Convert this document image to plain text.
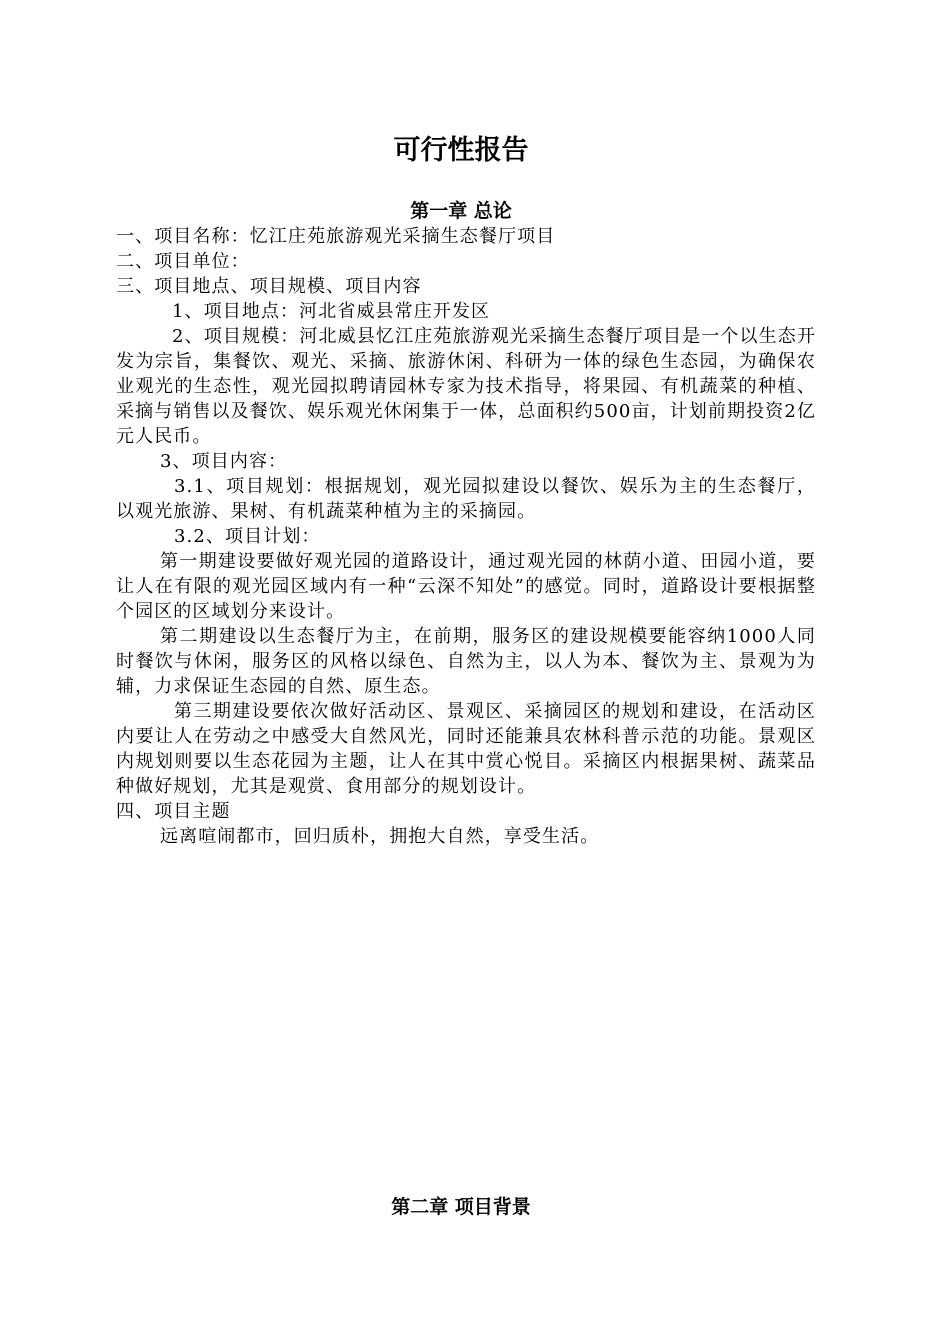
可行性报告
第一章 总论

一、项目名称：忆江庄苑旅游观光采摘生态餐厅项目

二、项目单位：

三、项目地点、项目规模、项目内容

1、项目地点：河北省威县常庄开发区

2、项目规模：河北威县忆江庄苑旅游观光采摘生态餐厅项目是一个以生态开发为宗旨，集餐饮、观光、采摘、旅游休闲、科研为一体的绿色生态园，为确保农业观光的生态性，观光园拟聘请园林专家为技术指导，将果园、有机蔬菜的种植、采摘与销售以及餐饮、娱乐观光休闲集于一体，总面积约500亩，计划前期投资2亿元人民币。

3、项目内容：

3.1、项目规划：根据规划，观光园拟建设以餐饮、娱乐为主的生态餐厅，以观光旅游、果树、有机蔬菜种植为主的采摘园。

3.2、项目计划：

第一期建设要做好观光园的道路设计，通过观光园的林荫小道、田园小道，要让人在有限的观光园区域内有一种“云深不知处”的感觉。同时，道路设计要根据整个园区的区域划分来设计。

第二期建设以生态餐厅为主，在前期，服务区的建设规模要能容纳1000人同时餐饮与休闲，服务区的风格以绿色、自然为主，以人为本、餐饮为主、景观为为辅，力求保证生态园的自然、原生态。

第三期建设要依次做好活动区、景观区、采摘园区的规划和建设，在活动区内要让人在劳动之中感受大自然风光，同时还能兼具农林科普示范的功能。景观区内规划则要以生态花园为主题，让人在其中赏心悦目。采摘区内根据果树、蔬菜品种做好规划，尤其是观赏、食用部分的规划设计。

四、项目主题

远离喧闹都市，回归质朴，拥抱大自然，享受生活。

第二章 项目背景
